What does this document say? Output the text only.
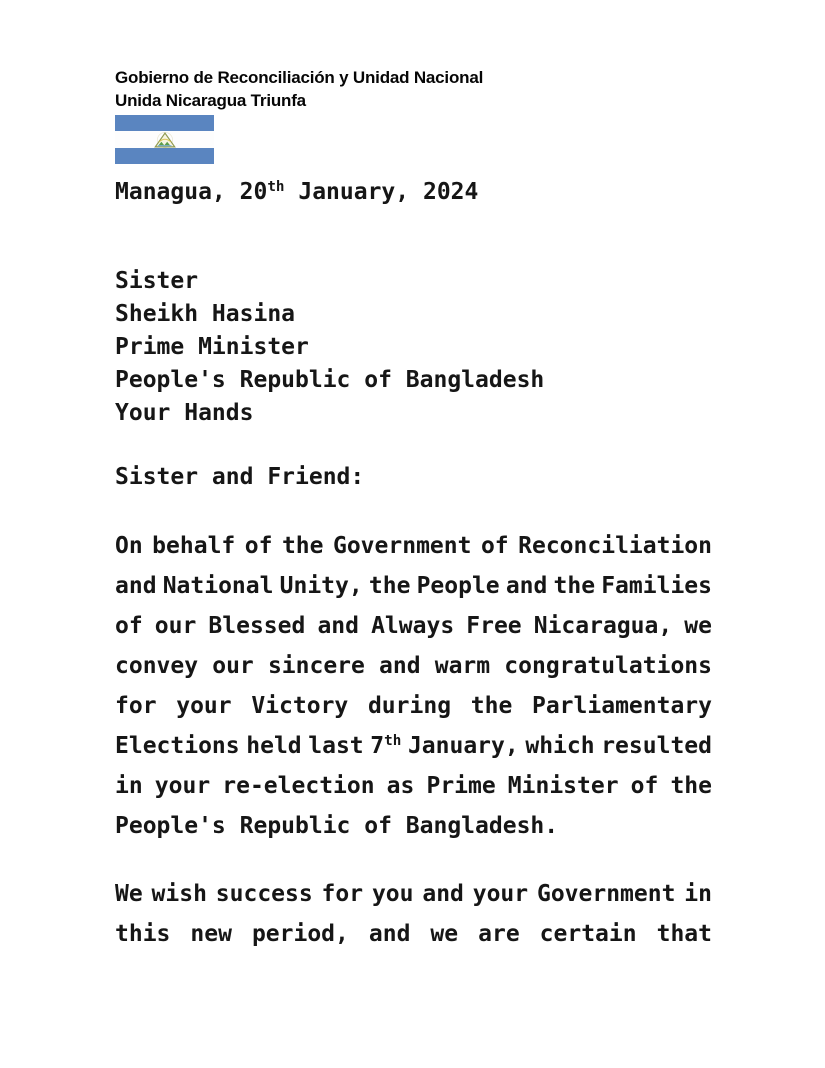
Gobierno de Reconciliación y Unidad Nacional
Unida Nicaragua Triunfa
Managua, 20th January, 2024
Sister
Sheikh Hasina
Prime Minister
People's Republic of Bangladesh
Your Hands
Sister and Friend:
On behalf of the Government of Reconciliation
and National Unity, the People and the Families
of our Blessed and Always Free Nicaragua, we
convey our sincere and warm congratulations
for your Victory during the Parliamentary
Elections held last 7th January, which resulted
in your re-election as Prime Minister of the
People's Republic of Bangladesh.
We wish success for you and your Government in
this new period, and we are certain that
